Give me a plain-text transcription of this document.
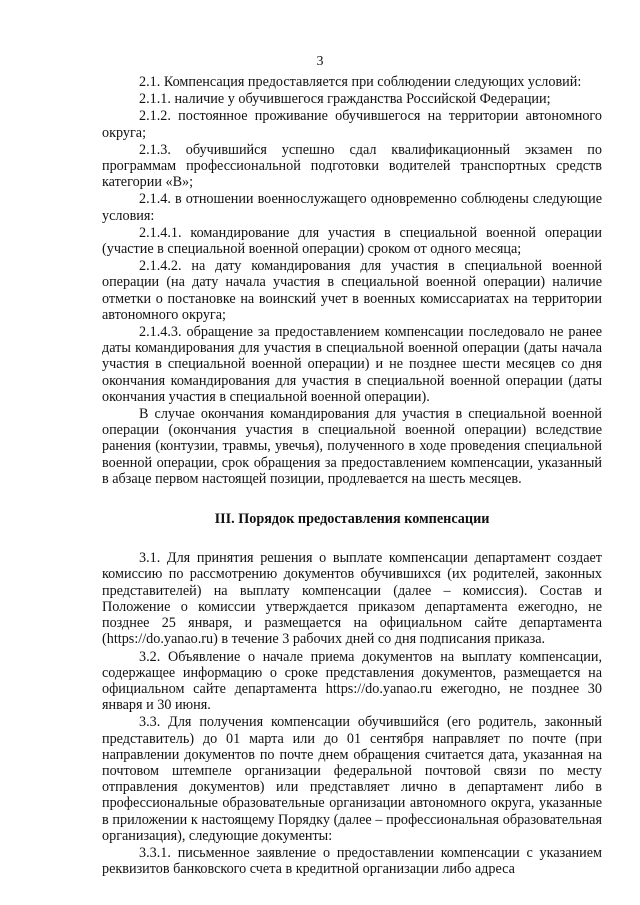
3

2.1. Компенсация предоставляется при соблюдении следующих условий:

2.1.1. наличие у обучившегося гражданства Российской Федерации;

2.1.2. постоянное проживание обучившегося на территории автономного округа;

2.1.3. обучившийся успешно сдал квалификационный экзамен по программам профессиональной подготовки водителей транспортных средств категории «В»;

2.1.4. в отношении военнослужащего одновременно соблюдены следующие условия:

2.1.4.1. командирование для участия в специальной военной операции (участие в специальной военной операции) сроком от одного месяца;

2.1.4.2. на дату командирования для участия в специальной военной операции (на дату начала участия в специальной военной операции) наличие отметки о постановке на воинский учет в военных комиссариатах на территории автономного округа;

2.1.4.3. обращение за предоставлением компенсации последовало не ранее даты командирования для участия в специальной военной операции (даты начала участия в специальной военной операции) и не позднее шести месяцев со дня окончания командирования для участия в специальной военной операции (даты окончания участия в специальной военной операции).

В случае окончания командирования для участия в специальной военной операции (окончания участия в специальной военной операции) вследствие ранения (контузии, травмы, увечья), полученного в ходе проведения специальной военной операции, срок обращения за предоставлением компенсации, указанный в абзаце первом настоящей позиции, продлевается на шесть месяцев.

III. Порядок предоставления компенсации

3.1. Для принятия решения о выплате компенсации департамент создает комиссию по рассмотрению документов обучившихся (их родителей, законных представителей) на выплату компенсации (далее – комиссия). Состав и Положение о комиссии утверждается приказом департамента ежегодно, не позднее 25 января, и размещается на официальном сайте департамента (https://do.yanao.ru) в течение 3 рабочих дней со дня подписания приказа.

3.2. Объявление о начале приема документов на выплату компенсации, содержащее информацию о сроке представления документов, размещается на официальном сайте департамента https://do.yanao.ru ежегодно, не позднее 30 января и 30 июня.

3.3. Для получения компенсации обучившийся (его родитель, законный представитель) до 01 марта или до 01 сентября направляет по почте (при направлении документов по почте днем обращения считается дата, указанная на почтовом штемпеле организации федеральной почтовой связи по месту отправления документов) или представляет лично в департамент либо в профессиональные образовательные организации автономного округа, указанные в приложении к настоящему Порядку (далее – профессиональная образовательная организация), следующие документы:

3.3.1. письменное заявление о предоставлении компенсации с указанием реквизитов банковского счета в кредитной организации либо адреса
